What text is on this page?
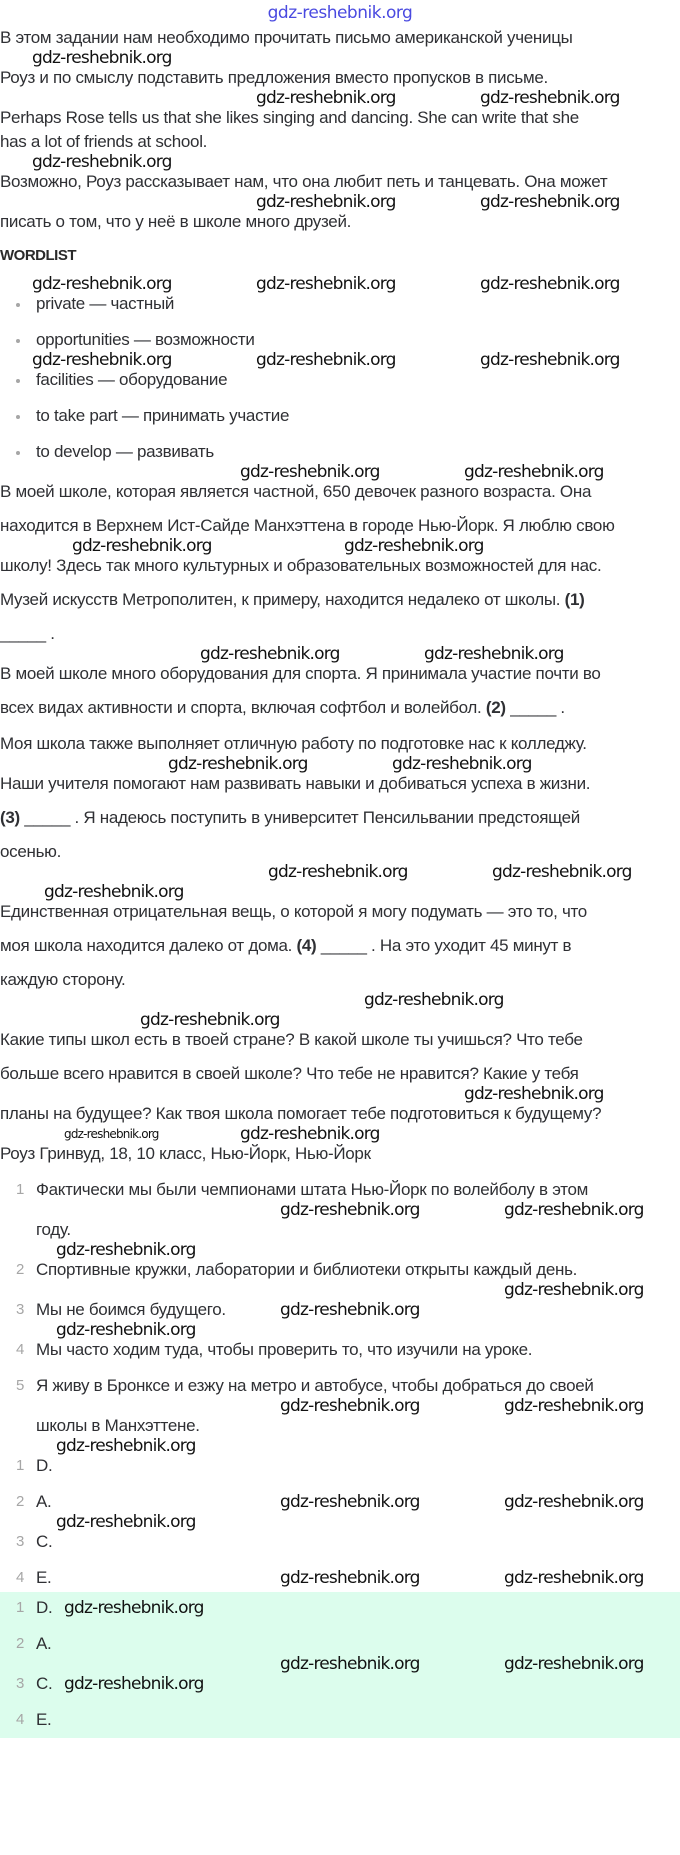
gdz-reshebnik.org
В этом задании нам необходимо прочитать письмо американской ученицы
gdz-reshebnik.org
Роуз и по смыслу подставить предложения вместо пропусков в письме.
gdz-reshebnik.org	gdz-reshebnik.org
Perhaps Rose tells us that she likes singing and dancing. She can write that she
has a lot of friends at school.
gdz-reshebnik.org
Возможно, Роуз рассказывает нам, что она любит петь и танцевать. Она может
gdz-reshebnik.org	gdz-reshebnik.org
писать о том, что у неё в школе много друзей.
WORDLIST
gdz-reshebnik.org	gdz-reshebnik.org	gdz-reshebnik.org
private — частный
opportunities — возможности
gdz-reshebnik.org	gdz-reshebnik.org	gdz-reshebnik.org
facilities — оборудование
to take part — принимать участие
to develop — развивать
gdz-reshebnik.org	gdz-reshebnik.org
В моей школе, которая является частной, 650 девочек разного возраста. Она
находится в Верхнем Ист-Сайде Манхэттена в городе Нью-Йорк. Я люблю свою
gdz-reshebnik.org	gdz-reshebnik.org
школу! Здесь так много культурных и образовательных возможностей для нас.
Музей искусств Метрополитен, к примеру, находится недалеко от школы. (1)
_____ .
gdz-reshebnik.org	gdz-reshebnik.org
В моей школе много оборудования для спорта. Я принимала участие почти во
всех видах активности и спорта, включая софтбол и волейбол. (2) _____ .
Моя школа также выполняет отличную работу по подготовке нас к колледжу.
gdz-reshebnik.org	gdz-reshebnik.org
Наши учителя помогают нам развивать навыки и добиваться успеха в жизни.
(3) _____ . Я надеюсь поступить в университет Пенсильвании предстоящей
осенью.
gdz-reshebnik.org	gdz-reshebnik.org
gdz-reshebnik.org
Единственная отрицательная вещь, о которой я могу подумать — это то, что
моя школа находится далеко от дома. (4) _____ . На это уходит 45 минут в
каждую сторону.
gdz-reshebnik.org
gdz-reshebnik.org
Какие типы школ есть в твоей стране? В какой школе ты учишься? Что тебе
больше всего нравится в своей школе? Что тебе не нравится? Какие у тебя
gdz-reshebnik.org
планы на будущее? Как твоя школа помогает тебе подготовиться к будущему?
gdz-reshebnik.org	gdz-reshebnik.org
Роуз Гринвуд, 18, 10 класс, Нью-Йорк, Нью-Йорк
1 Фактически мы были чемпионами штата Нью-Йорк по волейболу в этом
gdz-reshebnik.org	gdz-reshebnik.org
году.
gdz-reshebnik.org
2 Спортивные кружки, лаборатории и библиотеки открыты каждый день.
gdz-reshebnik.org
3 Мы не боимся будущего.	gdz-reshebnik.org
gdz-reshebnik.org
4 Мы часто ходим туда, чтобы проверить то, что изучили на уроке.
5 Я живу в Бронксе и езжу на метро и автобусе, чтобы добраться до своей
gdz-reshebnik.org	gdz-reshebnik.org
школы в Манхэттене.
gdz-reshebnik.org
1 D.
2 A.	gdz-reshebnik.org	gdz-reshebnik.org
gdz-reshebnik.org
3 C.
4 E.	gdz-reshebnik.org	gdz-reshebnik.org
1 D. gdz-reshebnik.org
2 A.
gdz-reshebnik.org	gdz-reshebnik.org
3 C. gdz-reshebnik.org
4 E.
